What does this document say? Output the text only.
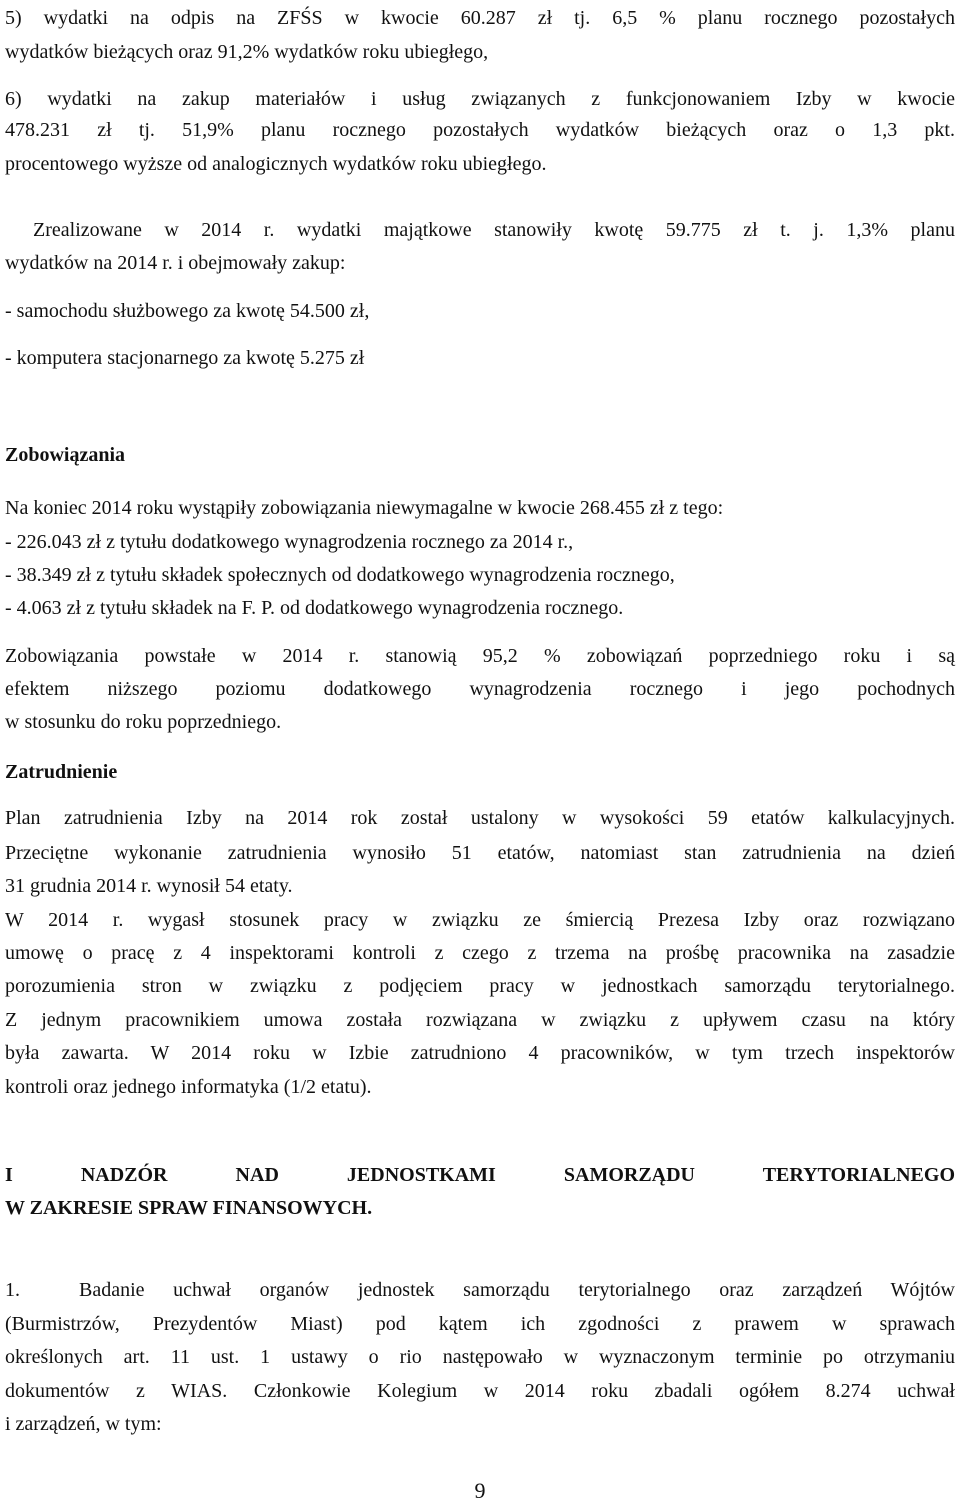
5) wydatki na odpis na ZFŚS w kwocie 60.287 zł tj. 6,5 % planu rocznego pozostałych
wydatków bieżących oraz 91,2% wydatków roku ubiegłego,
6) wydatki na zakup materiałów i usług związanych z funkcjonowaniem Izby w kwocie
478.231 zł tj. 51,9% planu rocznego pozostałych wydatków bieżących oraz o 1,3 pkt.
procentowego wyższe od analogicznych wydatków roku ubiegłego.
Zrealizowane w 2014 r. wydatki majątkowe stanowiły kwotę 59.775 zł t. j. 1,3% planu
wydatków na 2014 r. i obejmowały zakup:
- samochodu służbowego za kwotę 54.500 zł,
- komputera stacjonarnego za kwotę 5.275 zł
Zobowiązania
Na koniec 2014 roku wystąpiły zobowiązania niewymagalne w kwocie 268.455 zł z tego:
- 226.043 zł z tytułu dodatkowego wynagrodzenia rocznego za 2014 r.,
- 38.349 zł z tytułu składek społecznych od dodatkowego wynagrodzenia rocznego,
- 4.063 zł z tytułu składek na F. P. od dodatkowego wynagrodzenia rocznego.
Zobowiązania powstałe w 2014 r. stanowią 95,2 % zobowiązań poprzedniego roku i są
efektem niższego poziomu dodatkowego wynagrodzenia rocznego i jego pochodnych
w stosunku do roku poprzedniego.
Zatrudnienie
Plan zatrudnienia Izby na 2014 rok został ustalony w wysokości 59 etatów kalkulacyjnych.
Przeciętne wykonanie zatrudnienia wynosiło 51 etatów, natomiast stan zatrudnienia na dzień
31 grudnia 2014 r. wynosił 54 etaty.
W 2014 r. wygasł stosunek pracy w związku ze śmiercią Prezesa Izby oraz rozwiązano
umowę o pracę z 4 inspektorami kontroli z czego z trzema na prośbę pracownika na zasadzie
porozumienia stron w związku z podjęciem pracy w jednostkach samorządu terytorialnego.
Z jednym pracownikiem umowa została rozwiązana w związku z upływem czasu na który
była zawarta. W 2014 roku w Izbie zatrudniono 4 pracowników, w tym trzech inspektorów
kontroli oraz jednego informatyka (1/2 etatu).
I NADZÓR NAD JEDNOSTKAMI SAMORZĄDU TERYTORIALNEGO
W ZAKRESIE SPRAW FINANSOWYCH.
1.	Badanie uchwał organów jednostek samorządu terytorialnego oraz zarządzeń Wójtów
(Burmistrzów, Prezydentów Miast) pod kątem ich zgodności z prawem w sprawach
określonych art. 11 ust. 1 ustawy o rio następowało w wyznaczonym terminie po otrzymaniu
dokumentów z WIAS. Członkowie Kolegium w 2014 roku zbadali ogółem 8.274 uchwał
i zarządzeń, w tym:
9
